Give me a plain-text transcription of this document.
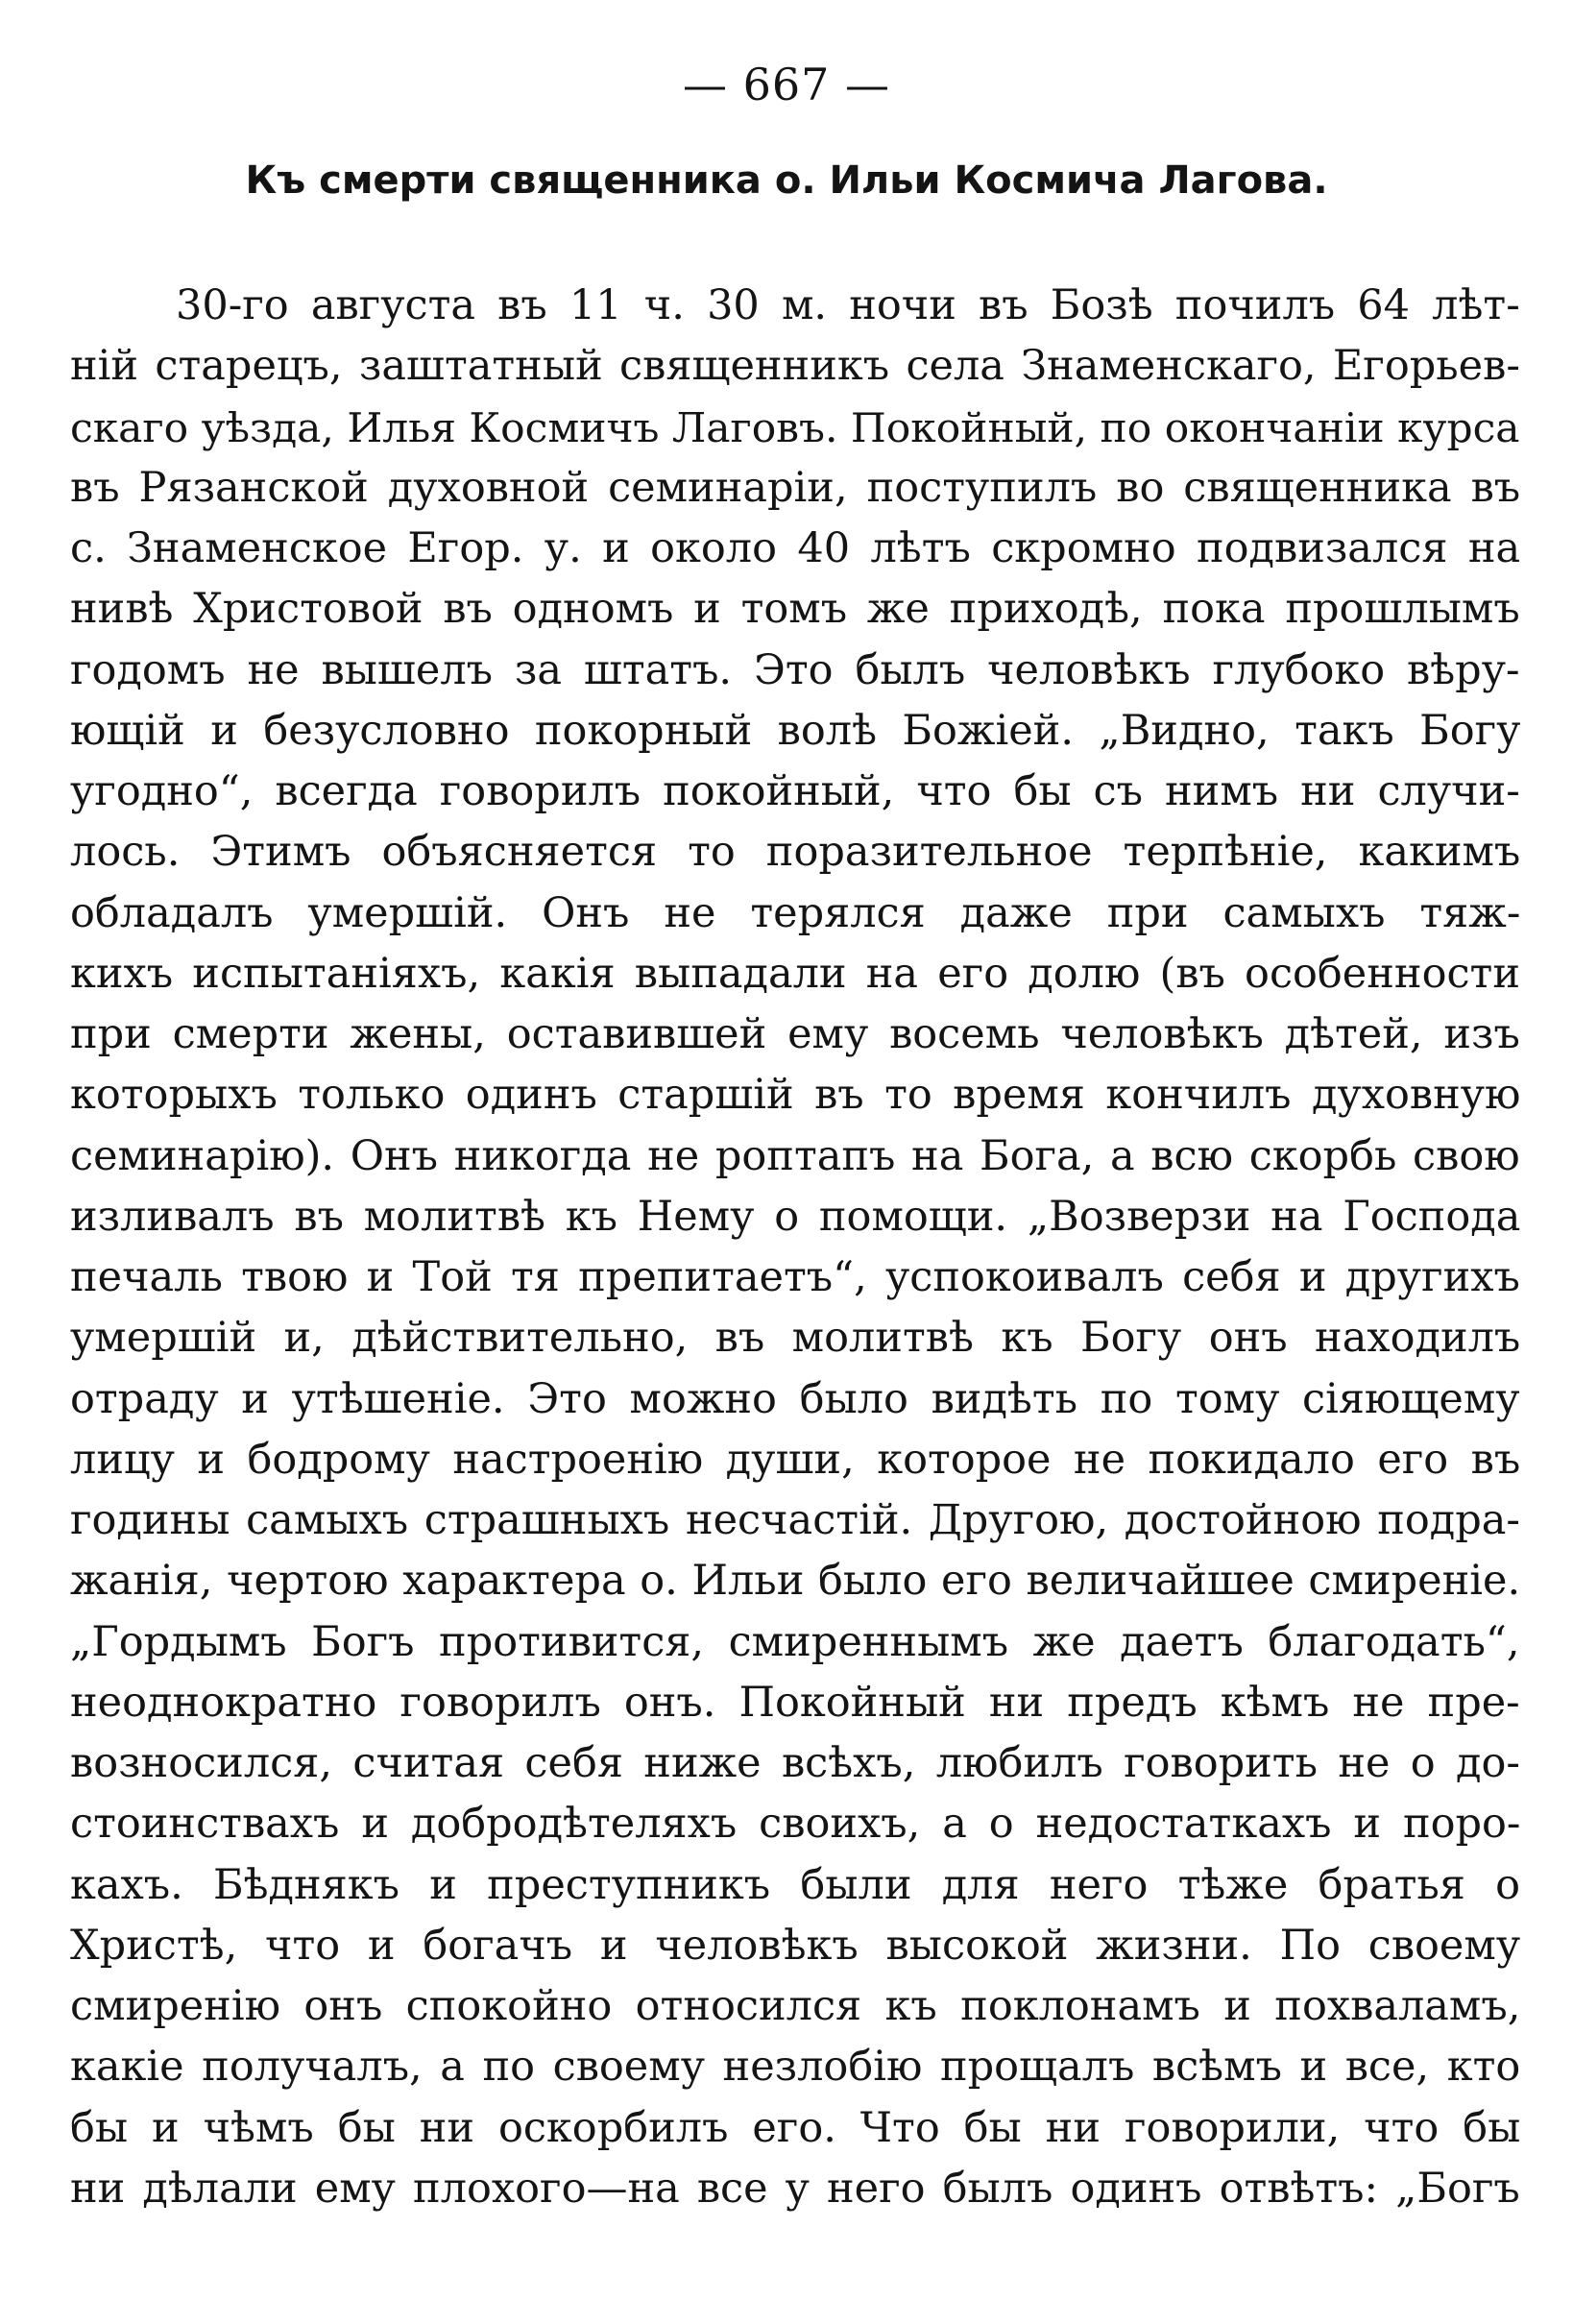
— 667 —
Къ смерти священника о. Ильи Космича Лагова.
30-го августа въ 11 ч. 30 м. ночи въ Бозѣ почилъ 64 лѣт-
ній старецъ, заштатный священникъ села Знаменскаго, Егорьев-
скаго уѣзда, Илья Космичъ Лаговъ. Покойный, по окончаніи курса
въ Рязанской духовной семинаріи, поступилъ во священника въ
с. Знаменское Егор. у. и около 40 лѣтъ скромно подвизался на
нивѣ Христовой въ одномъ и томъ же приходѣ, пока прошлымъ
годомъ не вышелъ за штатъ. Это былъ человѣкъ глубоко вѣру-
ющій и безусловно покорный волѣ Божіей. „Видно, такъ Богу
угодно“, всегда говорилъ покойный, что бы съ нимъ ни случи-
лось. Этимъ объясняется то поразительное терпѣніе, какимъ
обладалъ умершій. Онъ не терялся даже при самыхъ тяж-
кихъ испытаніяхъ, какія выпадали на его долю (въ особенности
при смерти жены, оставившей ему восемь человѣкъ дѣтей, изъ
которыхъ только одинъ старшій въ то время кончилъ духовную
семинарію). Онъ никогда не роптапъ на Бога, а всю скорбь свою
изливалъ въ молитвѣ къ Нему о помощи. „Возверзи на Господа
печаль твою и Той тя препитаетъ“, успокоивалъ себя и другихъ
умершій и, дѣйствительно, въ молитвѣ къ Богу онъ находилъ
отраду и утѣшеніе. Это можно было видѣть по тому сіяющему
лицу и бодрому настроенію души, которое не покидало его въ
годины самыхъ страшныхъ несчастій. Другою, достойною подра-
жанія, чертою характера о. Ильи было его величайшее смиреніе.
„Гордымъ Богъ противится, смиреннымъ же даетъ благодать“,
неоднократно говорилъ онъ. Покойный ни предъ кѣмъ не пре-
возносился, считая себя ниже всѣхъ, любилъ говорить не о до-
стоинствахъ и добродѣтеляхъ своихъ, а о недостаткахъ и поро-
кахъ. Бѣднякъ и преступникъ были для него тѣже братья о
Христѣ, что и богачъ и человѣкъ высокой жизни. По своему
смиренію онъ спокойно относился къ поклонамъ и похваламъ,
какіе получалъ, а по своему незлобію прощалъ всѣмъ и все, кто
бы и чѣмъ бы ни оскорбилъ его. Что бы ни говорили, что бы
ни дѣлали ему плохого—на все у него былъ одинъ отвѣтъ: „Богъ
